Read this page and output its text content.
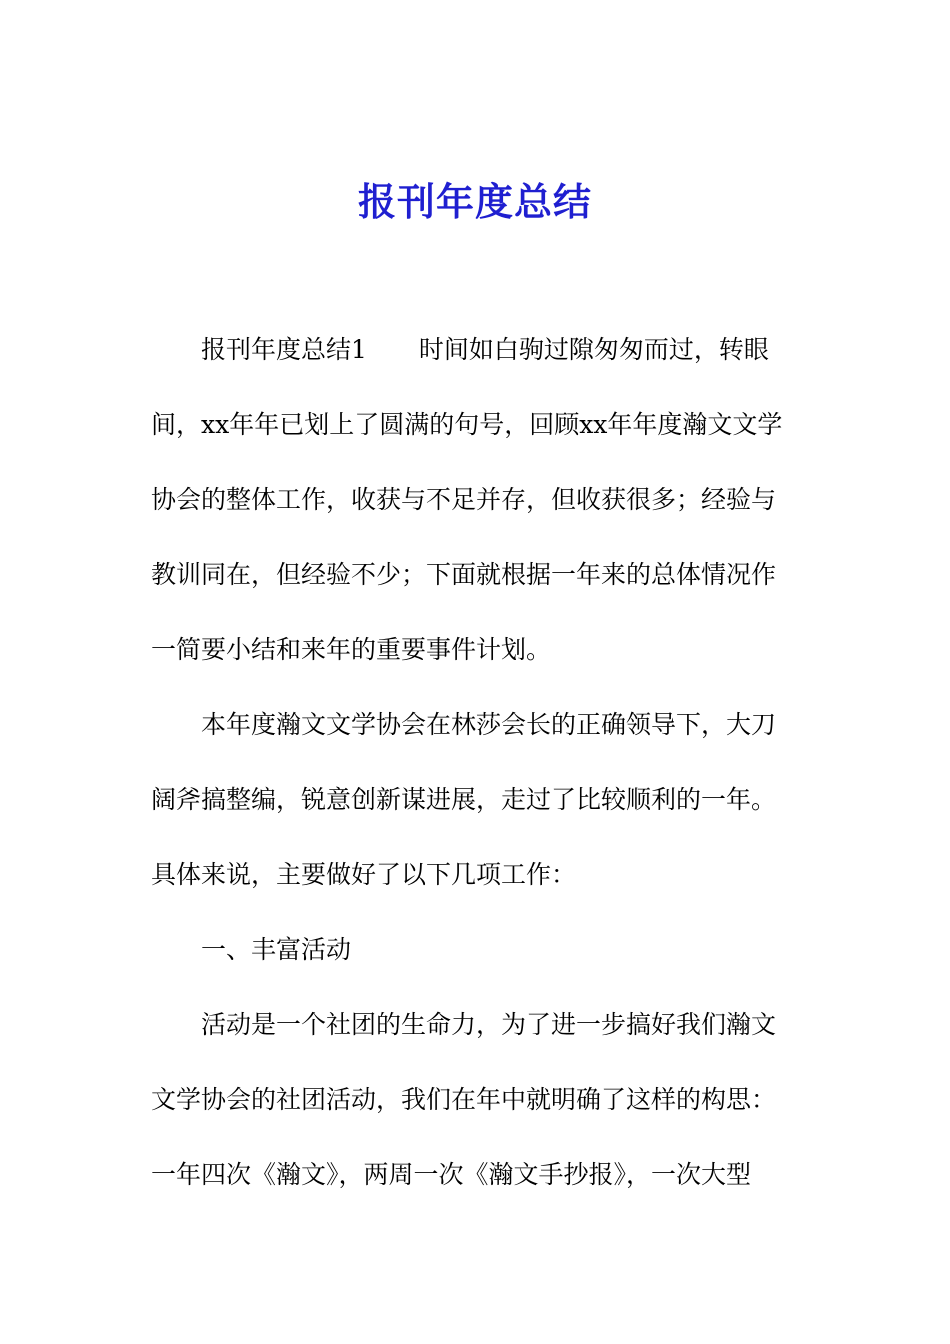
报刊年度总结
报刊年度总结1 时间如白驹过隙匆匆而过，转眼
间，xx年年已划上了圆满的句号，回顾xx年年度瀚文文学
协会的整体工作，收获与不足并存，但收获很多；经验与
教训同在，但经验不少；下面就根据一年来的总体情况作
一简要小结和来年的重要事件计划。
本年度瀚文文学协会在林莎会长的正确领导下，大刀
阔斧搞整编，锐意创新谋进展，走过了比较顺利的一年。
具体来说，主要做好了以下几项工作：
一、丰富活动
活动是一个社团的生命力，为了进一步搞好我们瀚文
文学协会的社团活动，我们在年中就明确了这样的构思：
一年四次《瀚文》，两周一次《瀚文手抄报》，一次大型
